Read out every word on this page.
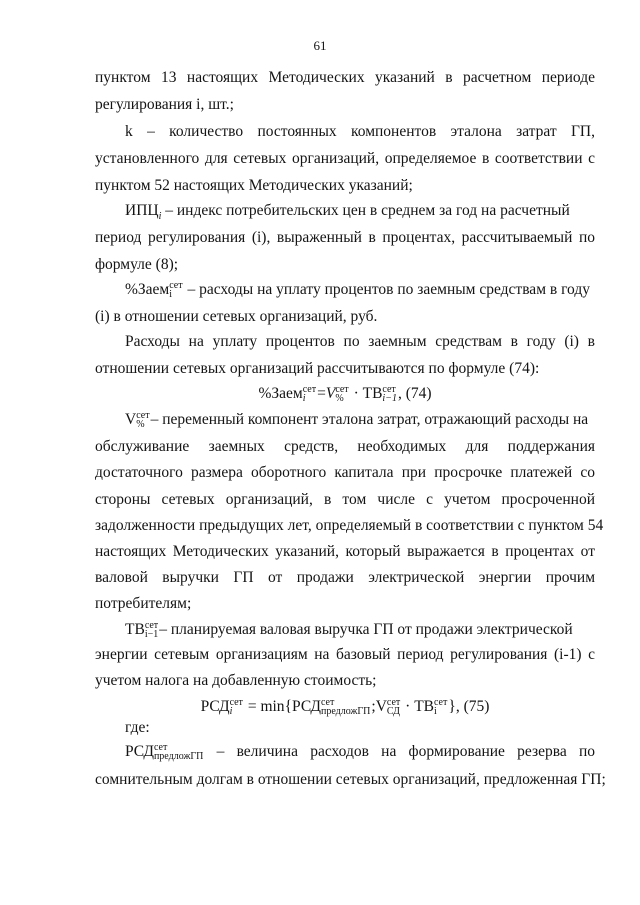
61
пунктом 13 настоящих Методических указаний в расчетном периоде
регулирования i, шт.;
k – количество постоянных компонентов эталона затрат ГП,
установленного для сетевых организаций, определяемое в соответствии с
пунктом 52 настоящих Методических указаний;
$ИПЦ_i$ – индекс потребительских цен в среднем за год на расчетный
период регулирования (i), выраженный в процентах, рассчитываемый по
формуле (8);
%Заем сет
i – расходы на уплату процентов по заемным средствам в году
(i) в отношении сетевых организаций, руб.
Расходы на уплату процентов по заемным средствам в году (i) в
отношении сетевых организаций рассчитываются по формуле (74):
%Заем сет
i =V сет
% · ТВ сет
i−1 , (74)
V сет
% – переменный компонент эталона затрат, отражающий расходы на
обслуживание заемных средств, необходимых для поддержания
достаточного размера оборотного капитала при просрочке платежей со
стороны сетевых организаций, в том числе с учетом просроченной
задолженности предыдущих лет, определяемый в соответствии с пунктом 54
настоящих Методических указаний, который выражается в процентах от
валовой выручки ГП от продажи электрической энергии прочим
потребителям;
ТВ сет
i−1 – планируемая валовая выручка ГП от продажи электрической
энергии сетевым организациям на базовый период регулирования (i-1) с
учетом налога на добавленную стоимость;
РСД сет
i = min{РСД сет
предложГП ;V сет
СД · ТВ сет
i }, (75)
где:
РСД сет
предложГП – величина расходов на формирование резерва по
сомнительным долгам в отношении сетевых организаций, предложенная ГП;
